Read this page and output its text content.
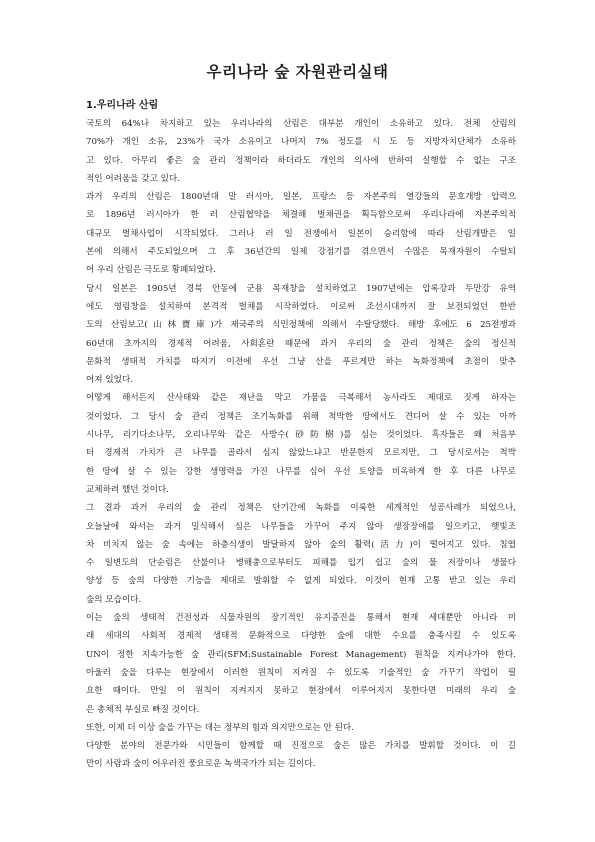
우리나라 숲 자원관리실태
1.우리나라 산림
국토의 64%나 차지하고 있는 우리나라의 산림은 대부분 개인이 소유하고 있다. 전체 산림의
70%가 개인 소유, 23%가 국가 소유이고 나머지 7% 정도를 시 도 등 지방자치단체가 소유하
고 있다. 아무리 좋은 숲 관리 정책이라 하더라도 개인의 의사에 반하여 실행할 수 없는 구조
적인 어려움을 갖고 있다.
과거 우리의 산림은 1800년대 말 러시아, 일본, 프랑스 등 자본주의 열강들의 문호개방 압력으
로 1896년 러시아가 한 러 산림협약을 체결해 벌채권을 획득함으로써 우리나라에 자본주의적
대규모 벌채사업이 시작되었다. 그러나 러 일 전쟁에서 일본이 승리함에 따라 산림개발은 일
본에 의해서 주도되었으며 그 후 36년간의 일제 강점기를 겪으면서 수많은 목재자원이 수탈되
어 우리 산림은 극도로 황폐되었다.
당시 일본은 1905년 경북 안동에 군용 목재창을 설치하였고 1907년에는 압록강과 두만강 유역
에도 영림창을 설치하여 본격적 벌채를 시작하였다. 이로써 조선시대까지 잘 보전되었던 한반
도의 산림보고(山林寶庫)가 제국주의 식민정책에 의해서 수탈당했다. 해방 후에도 6 25전쟁과
60년대 초까지의 경제적 어려움, 사회혼란 때문에 과거 우리의 숲 관리 정책은 숲의 정신적
문화적 생태적 가치를 따지기 이전에 우선 그냥 산을 푸르게만 하는 녹화정책에 초점이 맞추
어져 있었다.
어떻게 해서든지 산사태와 같은 재난을 막고 가뭄을 극복해서 농사라도 제대로 짓게 하자는
것이었다. 그 당시 숲 관리 정책은 조기녹화를 위해 척박한 땅에서도 견디어 살 수 있는 아까
시나무, 리기다소나무, 오리나무와 같은 사방수(砂防樹)를 심는 것이었다. 흑자들은 왜 처음부
터 경제적 가치가 큰 나무를 골라서 심지 않았느냐고 반문한지 모르지만, 그 당시로서는 척박
한 땅에 살 수 있는 강한 생명력을 가진 나무를 심어 우선 토양을 비옥하게 한 후 다른 나무로
교체하려 했던 것이다.
그 결과 과거 우리의 숲 관리 정책은 단기간에 녹화를 이룩한 세계적인 성공사례가 되었으나,
오늘날에 와서는 과거 밀식해서 심은 나무들을 가꾸어 주지 않아 생장장애를 일으키고, 햇빛조
차 비치지 않는 숲 속에는 하층식생이 발달하지 않아 숲의 활력(活力)이 떨어지고 있다. 침엽
수 일변도의 단순림은 산불이나 병해충으로부터도 피해를 입기 쉽고 숲의 물 저장이나 생물다
양성 등 숲의 다양한 기능을 제대로 발휘할 수 없게 되었다. 이것이 현재 고통 받고 있는 우리
숲의 모습이다.
이는 숲의 생태적 건전성과 식물자원의 장기적인 유지증진을 통해서 현재 세대뿐만 아니라 미
래 세대의 사회적 경제적 생태적 문화적으로 다양한 숲에 대한 수요를 충족시킬 수 있도록
UN이 정한 지속가능한 숲 관리(SFM:Sustainable Forest Management) 원칙을 지켜나가야 한다.
아울러 숲을 다루는 현장에서 이러한 원칙이 지켜질 수 있도록 기술적인 숲 가꾸기 작업이 필
요한 때이다. 만일 이 원칙이 지켜지지 못하고 현장에서 이루어지지 못한다면 미래의 우리 숲
은 총체적 부실로 빠질 것이다.
또한, 이제 더 이상 숲을 가꾸는 데는 정부의 힘과 의지만으로는 안 된다.
다양한 분야의 전문가와 시민들이 함께할 때 진정으로 숲은 많은 가치를 발휘할 것이다. 이 길
만이 사람과 숲이 어우러진 풍요로운 녹색국가가 되는 길이다.
